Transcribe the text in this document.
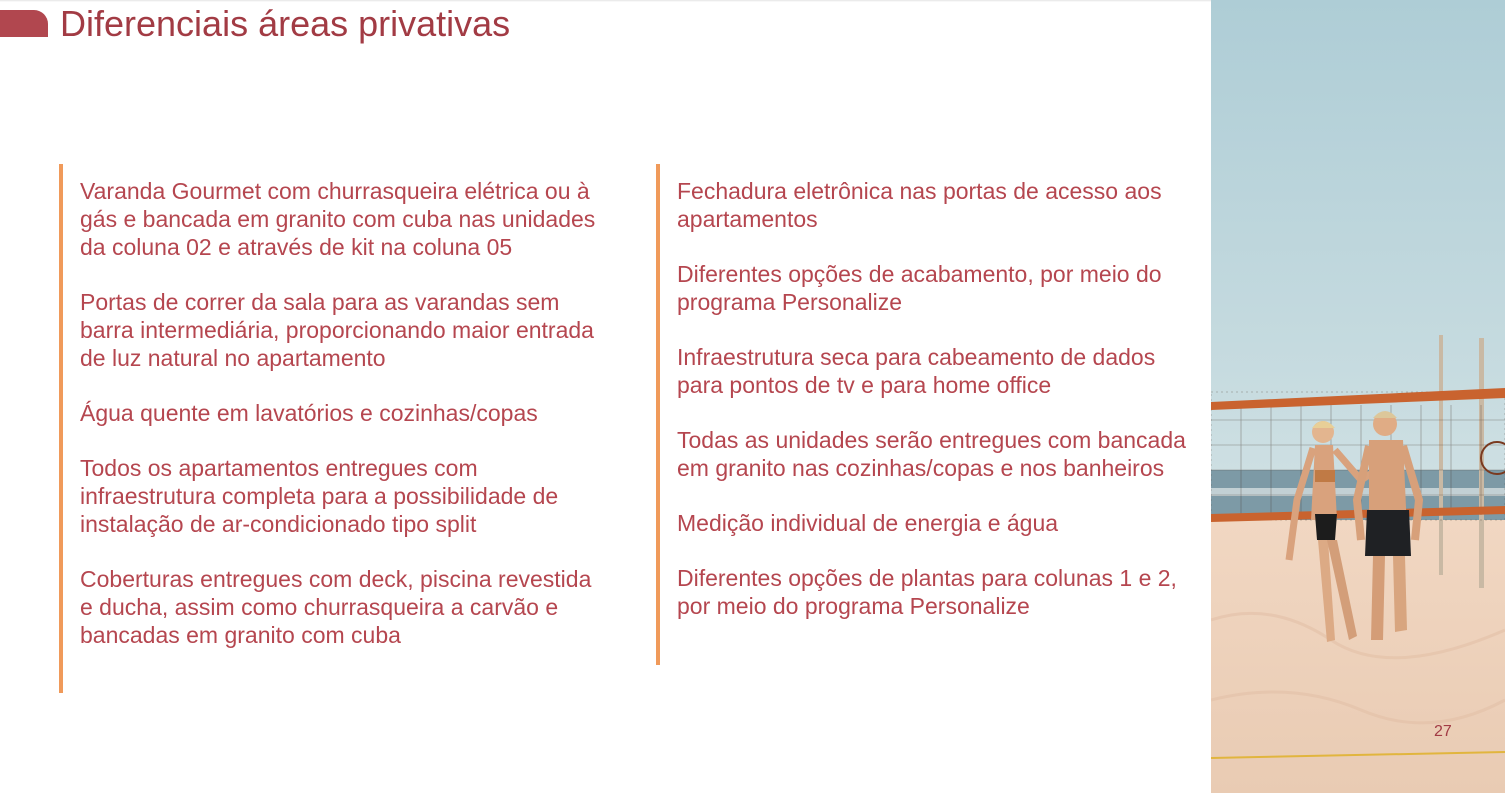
Diferenciais áreas privativas

Varanda Gourmet com churrasqueira elétrica ou à gás e bancada em granito com cuba nas unidades da coluna 02 e através de kit na coluna 05

Portas de correr da sala para as varandas sem barra intermediária, proporcionando maior entrada de luz natural no apartamento

Água quente em lavatórios e cozinhas/copas

Todos os apartamentos entregues com infraestrutura completa para a possibilidade de instalação de ar-condicionado tipo split

Coberturas entregues com deck, piscina revestida e ducha, assim como churrasqueira a carvão e bancadas em granito com cuba

Fechadura eletrônica nas portas de acesso aos apartamentos

Diferentes opções de acabamento, por meio do programa Personalize

Infraestrutura seca para cabeamento de dados para pontos de tv e para home office

Todas as unidades serão entregues com bancada em granito nas cozinhas/copas e nos banheiros

Medição individual de energia e água

Diferentes opções de plantas para colunas 1 e 2, por meio do programa Personalize

27
